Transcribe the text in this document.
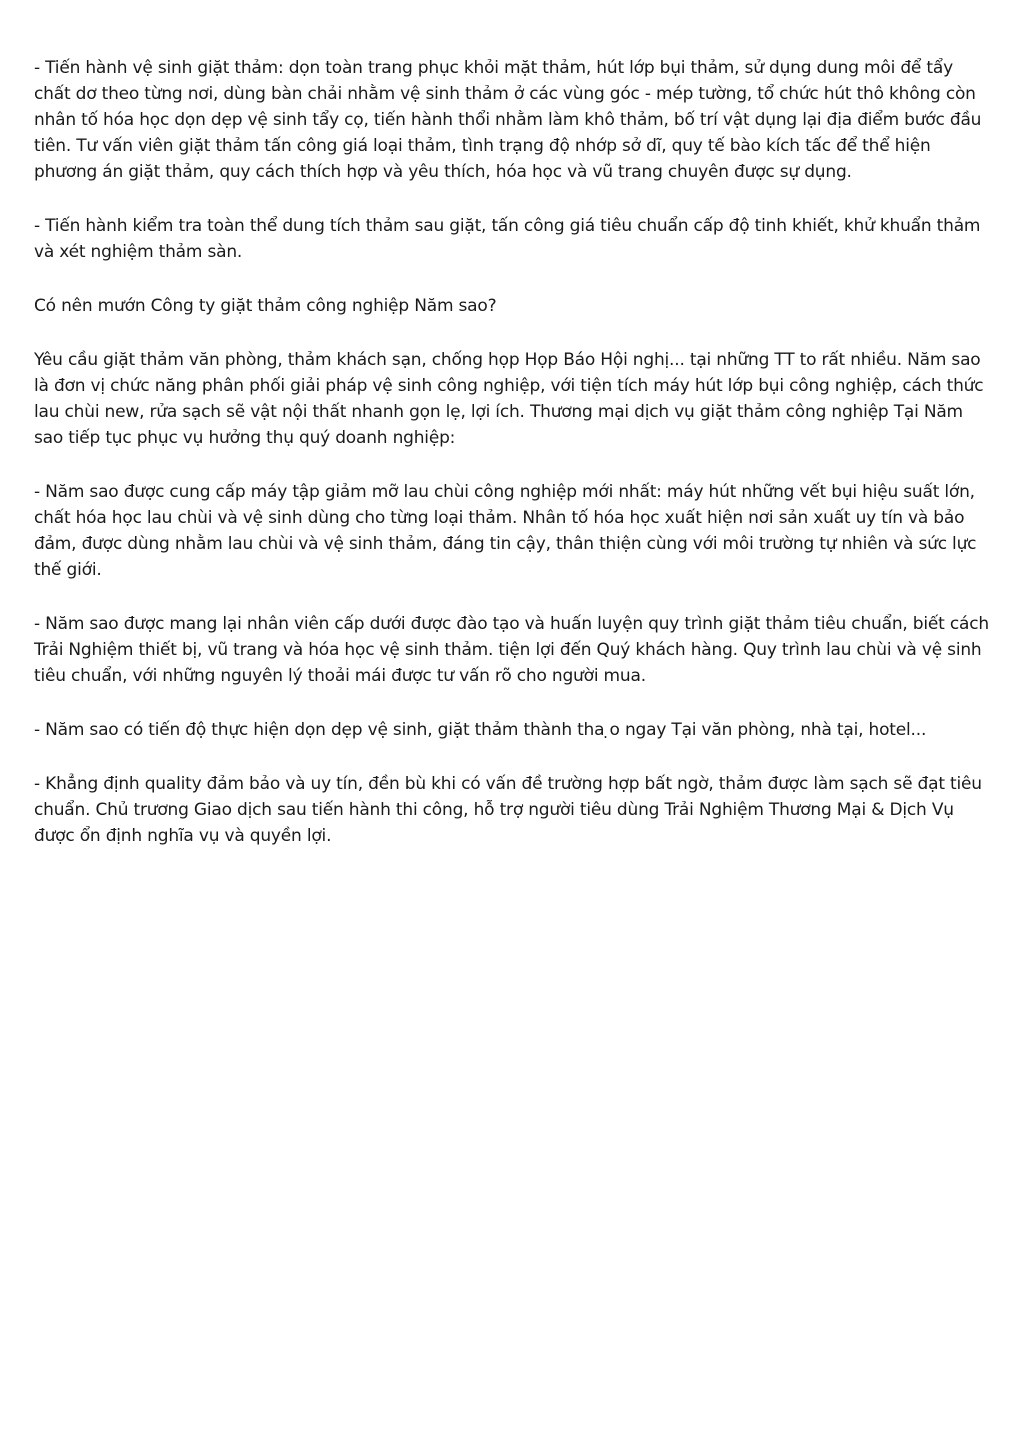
- Tiến hành vệ sinh giặt thảm: dọn toàn trang phục khỏi mặt thảm, hút lớp bụi thảm, sử dụng dung môi để tẩy chất dơ theo từng nơi, dùng bàn chải nhằm vệ sinh thảm ở các vùng góc - mép tường, tổ chức hút thô không còn nhân tố hóa học dọn dẹp vệ sinh tẩy cọ, tiến hành thổi nhằm làm khô thảm, bố trí vật dụng lại địa điểm bước đầu tiên. Tư vấn viên giặt thảm tấn công giá loại thảm, tình trạng độ nhớp sở dĩ, quy tế bào kích tấc để thể hiện phương án giặt thảm, quy cách thích hợp và yêu thích, hóa học và vũ trang chuyên được sự dụng.

- Tiến hành kiểm tra toàn thể dung tích thảm sau giặt, tấn công giá tiêu chuẩn cấp độ tinh khiết, khử khuẩn thảm và xét nghiệm thảm sàn.

Có nên mướn Công ty giặt thảm công nghiệp Năm sao?

Yêu cầu giặt thảm văn phòng, thảm khách sạn, chống họp Họp Báo Hội nghị... tại những TT to rất nhiều. Năm sao là đơn vị chức năng phân phối giải pháp vệ sinh công nghiệp, với tiện tích máy hút lớp bụi công nghiệp, cách thức lau chùi new, rửa sạch sẽ vật nội thất nhanh gọn lẹ, lợi ích. Thương mại dịch vụ giặt thảm công nghiệp Tại Năm sao tiếp tục phục vụ hưởng thụ quý doanh nghiệp:

- Năm sao được cung cấp máy tập giảm mỡ lau chùi công nghiệp mới nhất: máy hút những vết bụi hiệu suất lớn, chất hóa học lau chùi và vệ sinh dùng cho từng loại thảm. Nhân tố hóa học xuất hiện nơi sản xuất uy tín và bảo đảm, được dùng nhằm lau chùi và vệ sinh thảm, đáng tin cậy, thân thiện cùng với môi trường tự nhiên và sức lực thế giới.

- Năm sao được mang lại nhân viên cấp dưới được đào tạo và huấn luyện quy trình giặt thảm tiêu chuẩn, biết cách Trải Nghiệm thiết bị, vũ trang và hóa học vệ sinh thảm. tiện lợi đến Quý khách hàng. Quy trình lau chùi và vệ sinh tiêu chuẩn, với những nguyên lý thoải mái được tư vấn rõ cho người mua.

- Năm sao có tiến độ thực hiện dọn dẹp vệ sinh, giặt thảm thành tha ̣o ngay Tại văn phòng, nhà tại, hotel...

- Khẳng định quality đảm bảo và uy tín, đền bù khi có vấn đề trường hợp bất ngờ, thảm được làm sạch sẽ đạt tiêu chuẩn. Chủ trương Giao dịch sau tiến hành thi công, hỗ trợ người tiêu dùng Trải Nghiệm Thương Mại & Dịch Vụ được ổn định nghĩa vụ và quyền lợi.
